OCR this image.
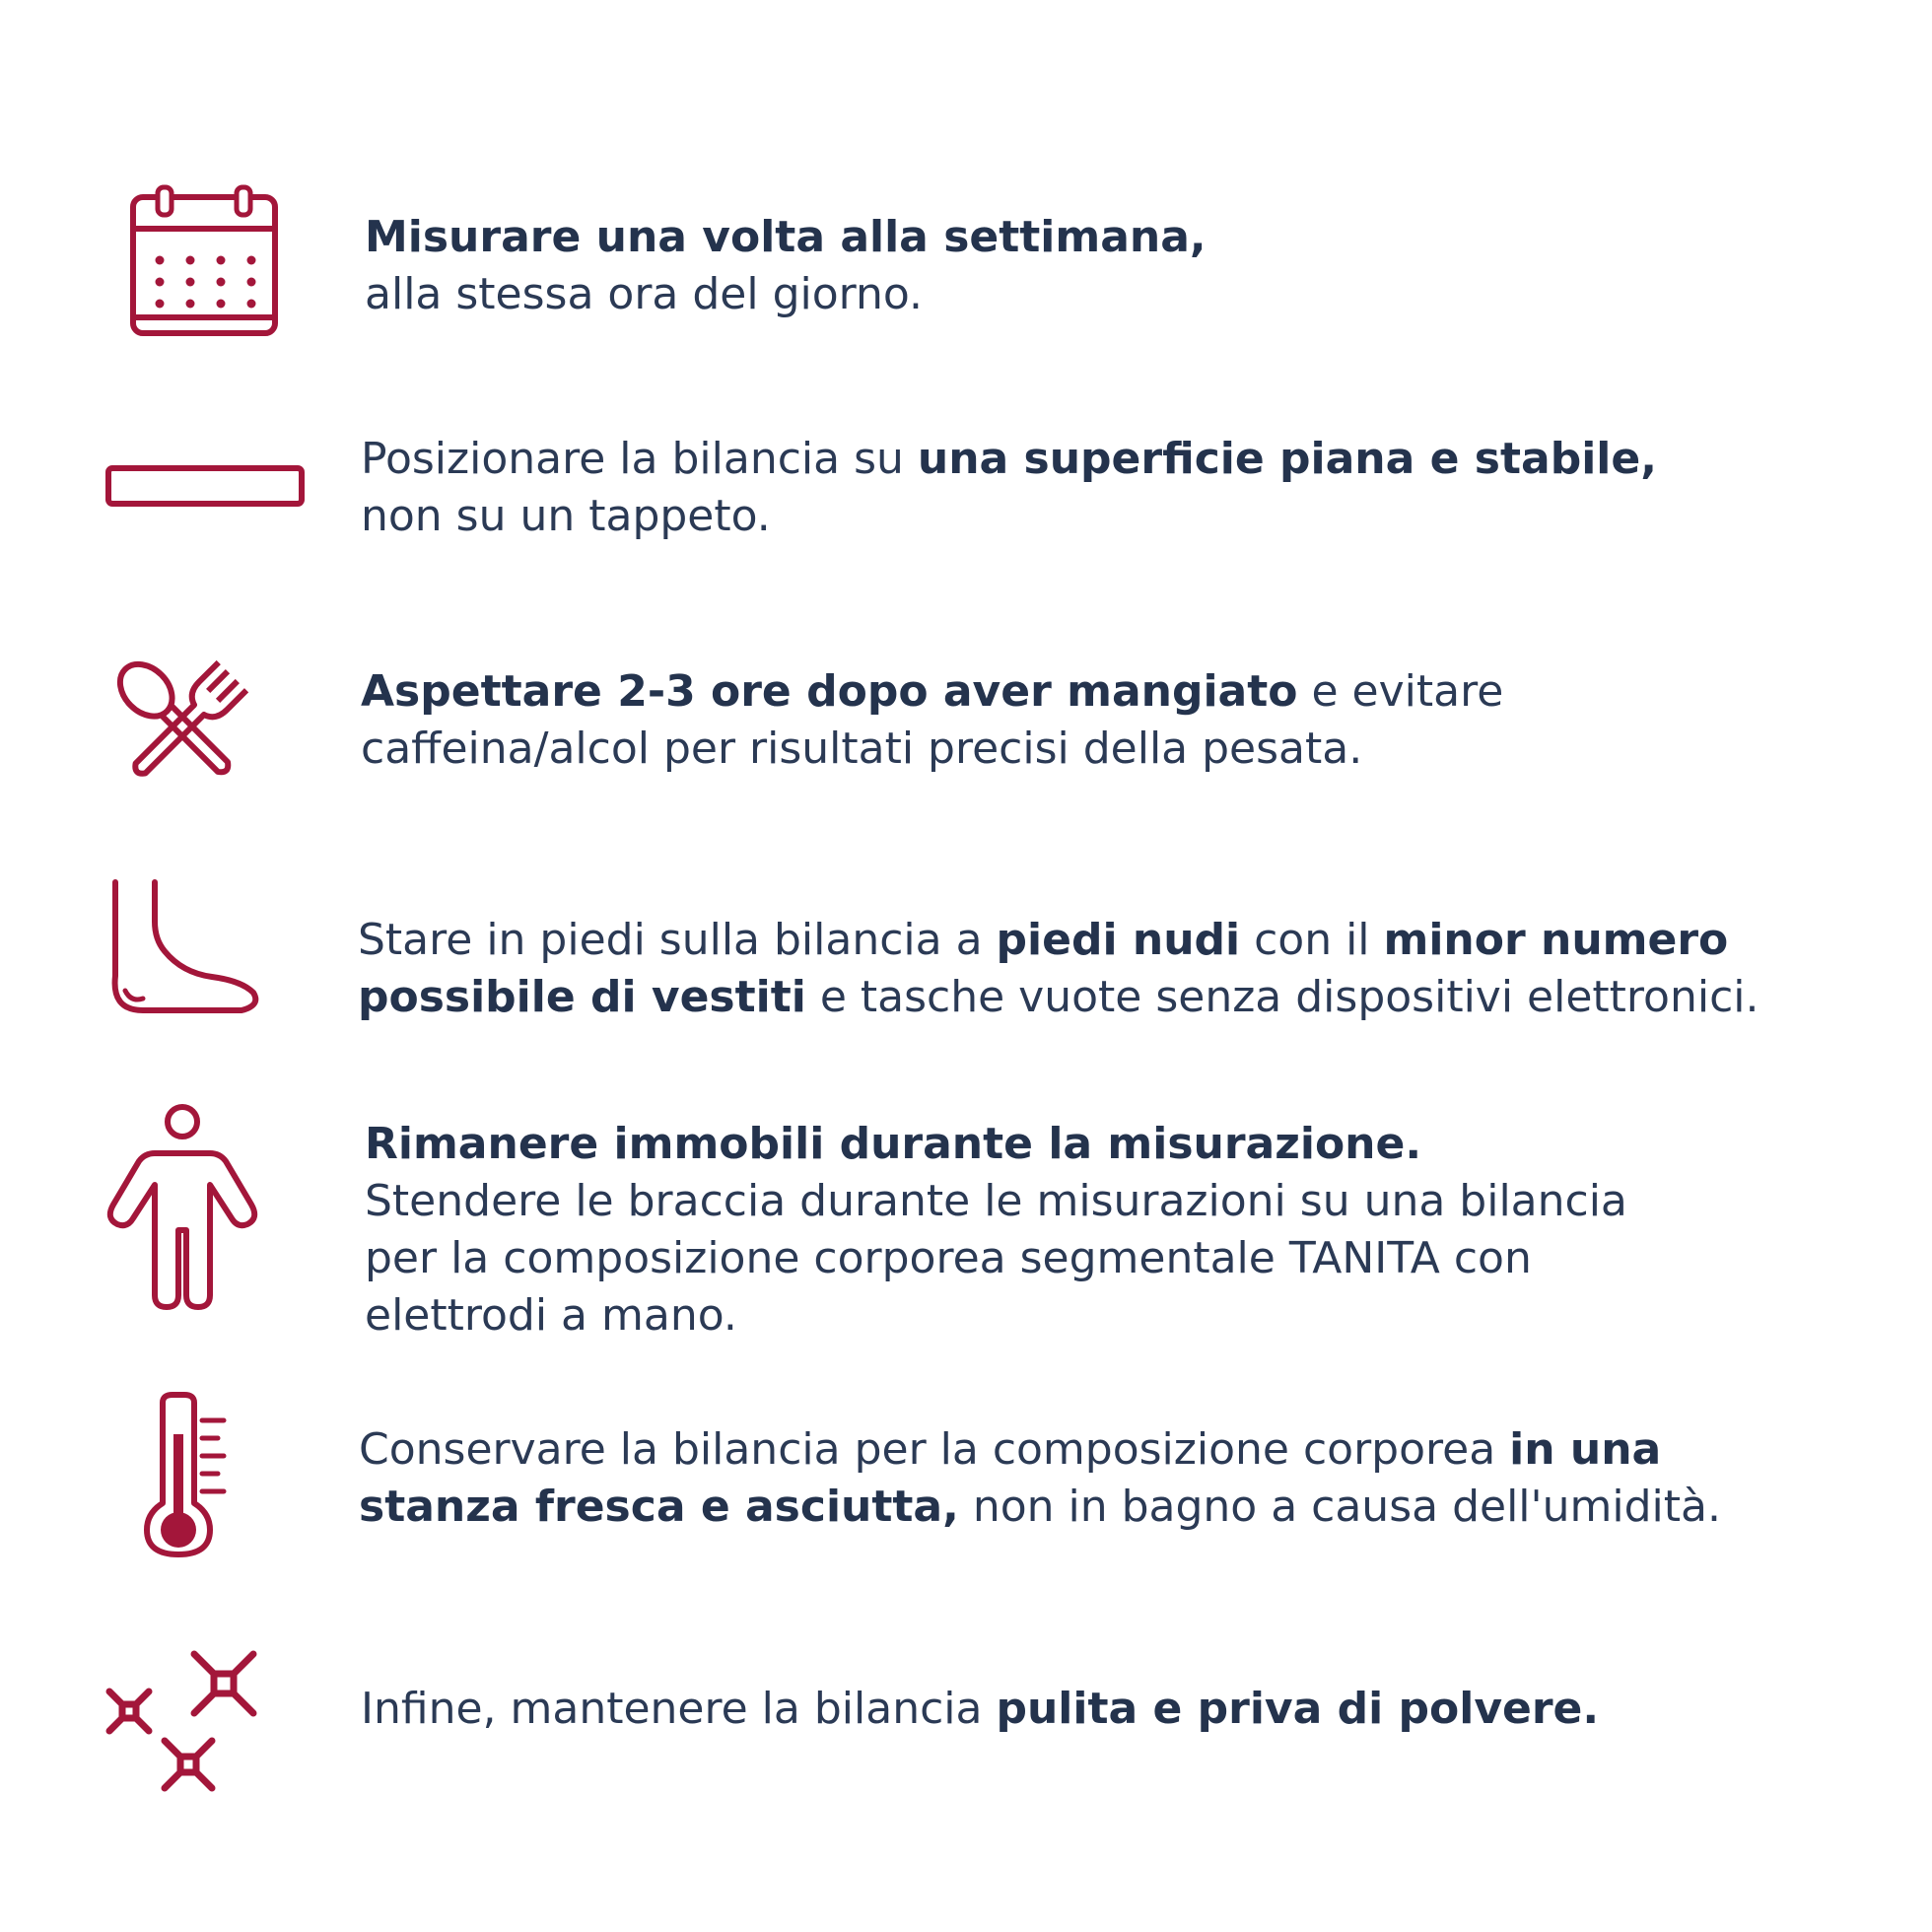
Misurare una volta alla settimana,
alla stessa ora del giorno.
Posizionare la bilancia su una superficie piana e stabile,
non su un tappeto.
Aspettare 2-3 ore dopo aver mangiato e evitare
caffeina/alcol per risultati precisi della pesata.
Stare in piedi sulla bilancia a piedi nudi con il minor numero
possibile di vestiti e tasche vuote senza dispositivi elettronici.
Rimanere immobili durante la misurazione.
Stendere le braccia durante le misurazioni su una bilancia
per la composizione corporea segmentale TANITA con
elettrodi a mano.
Conservare la bilancia per la composizione corporea in una
stanza fresca e asciutta, non in bagno a causa dell'umidità.
Infine, mantenere la bilancia pulita e priva di polvere.
